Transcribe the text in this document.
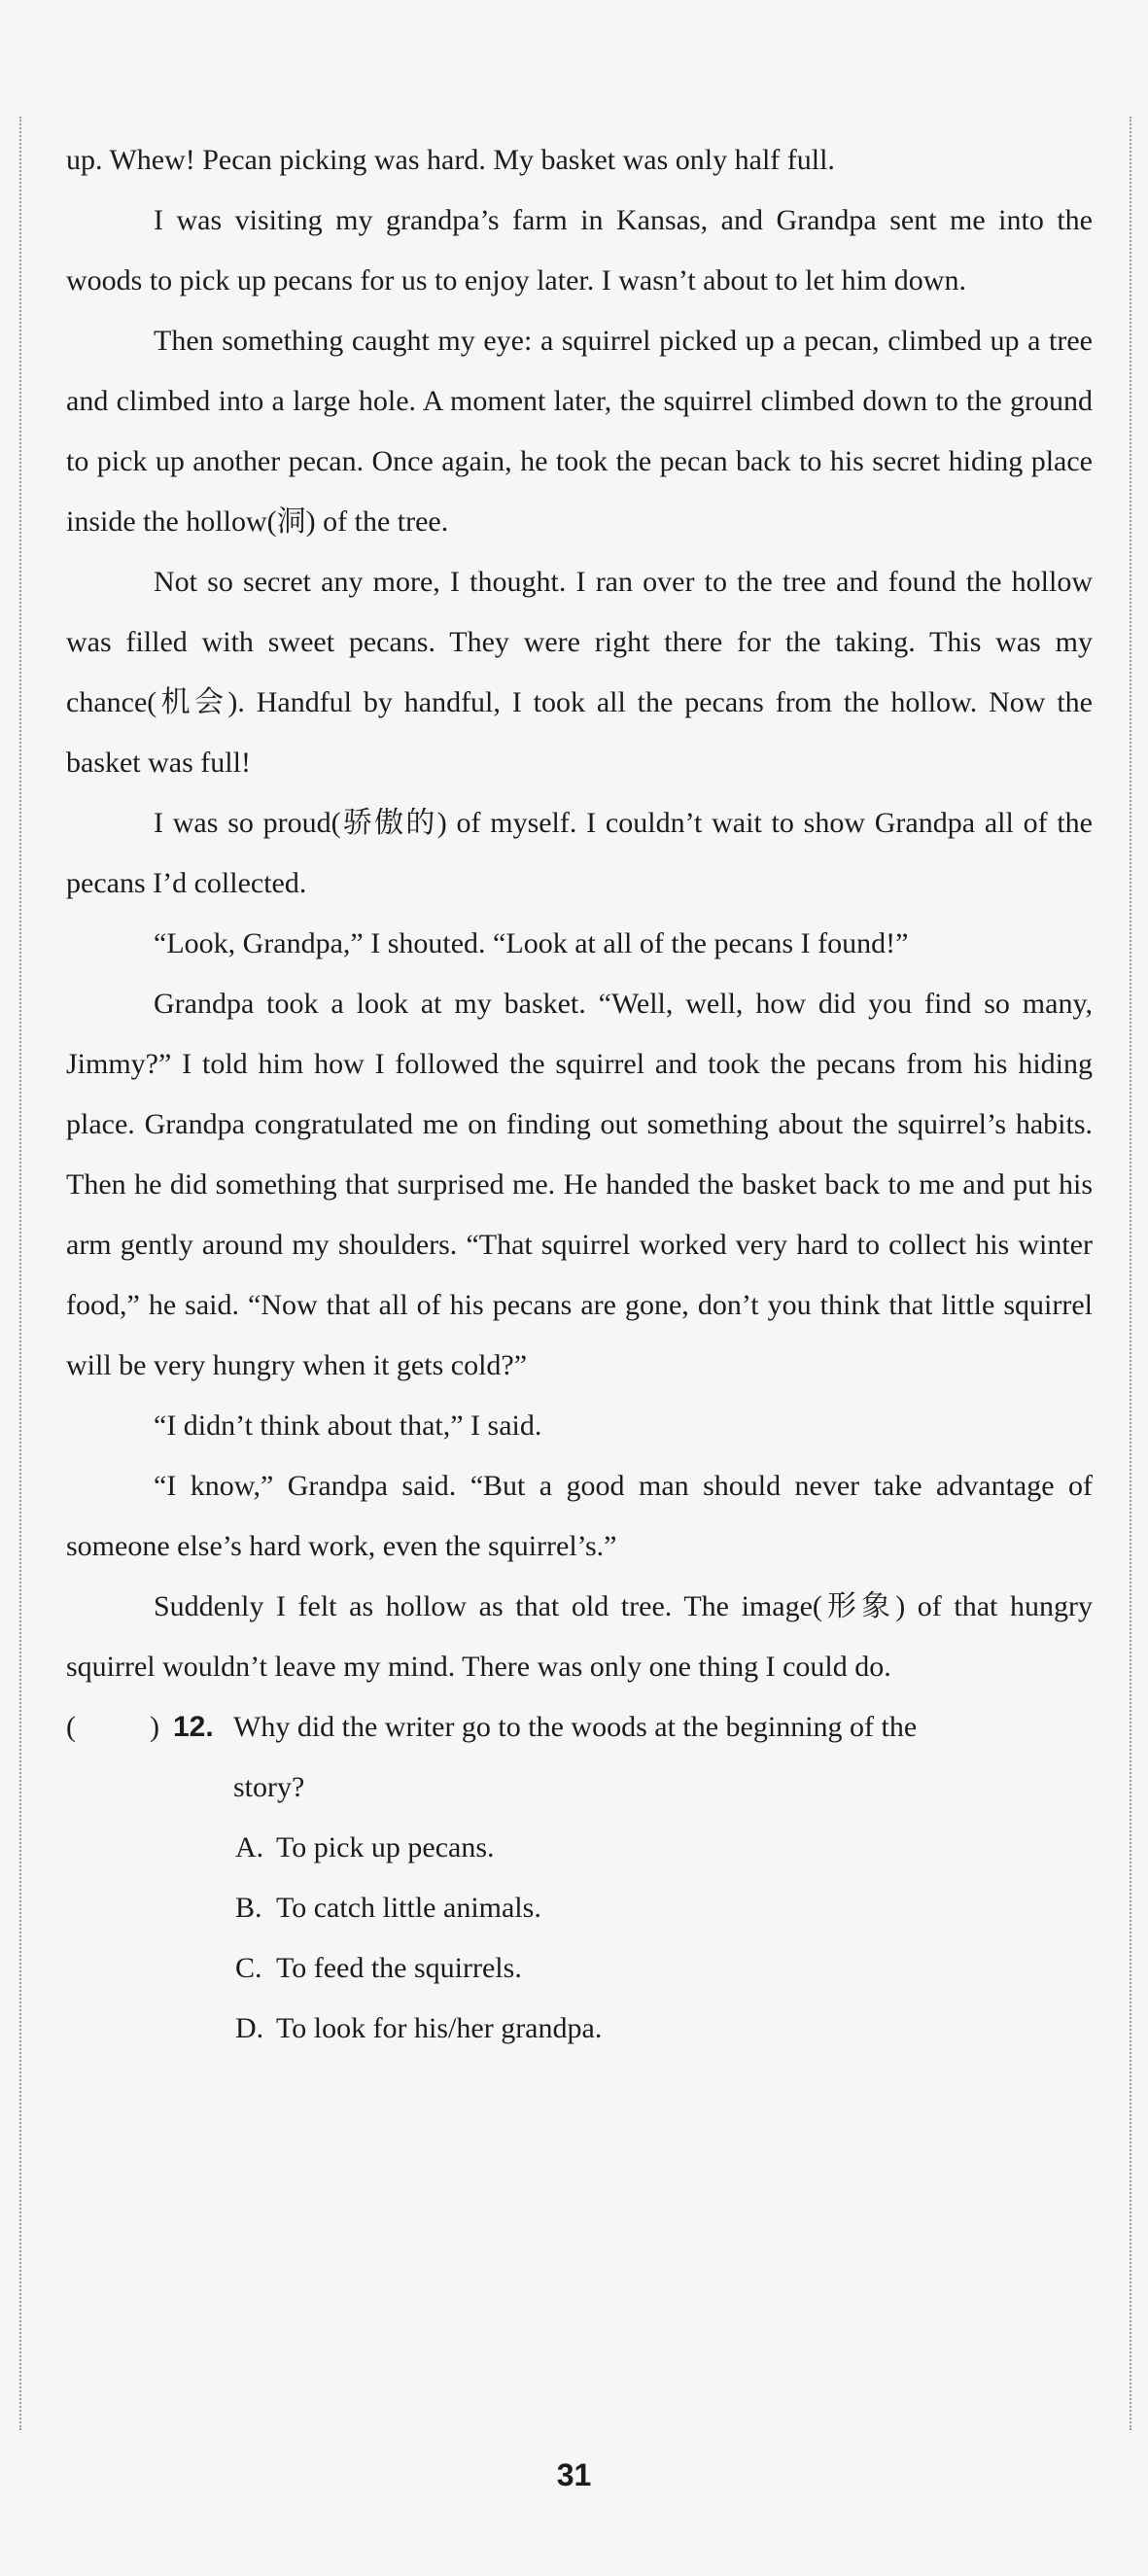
up. Whew! Pecan picking was hard. My basket was only half full.

I was visiting my grandpa’s farm in Kansas, and Grandpa sent me into the woods to pick up pecans for us to enjoy later. I wasn’t about to let him down.

Then something caught my eye: a squirrel picked up a pecan, climbed up a tree and climbed into a large hole. A moment later, the squirrel climbed down to the ground to pick up another pecan. Once again, he took the pecan back to his secret hiding place inside the hollow(洞) of the tree.

Not so secret any more, I thought. I ran over to the tree and found the hollow was filled with sweet pecans. They were right there for the taking. This was my chance(机会). Handful by handful, I took all the pecans from the hollow. Now the basket was full!

I was so proud(骄傲的) of myself. I couldn’t wait to show Grandpa all of the pecans I’d collected.

“Look, Grandpa,” I shouted. “Look at all of the pecans I found!”

Grandpa took a look at my basket. “Well, well, how did you find so many, Jimmy?” I told him how I followed the squirrel and took the pecans from his hiding place. Grandpa congratulated me on finding out something about the squirrel’s habits. Then he did something that surprised me. He handed the basket back to me and put his arm gently around my shoulders. “That squirrel worked very hard to collect his winter food,” he said. “Now that all of his pecans are gone, don’t you think that little squirrel will be very hungry when it gets cold?”

“I didn’t think about that,” I said.

“I know,” Grandpa said. “But a good man should never take advantage of someone else’s hard work, even the squirrel’s.”

Suddenly I felt as hollow as that old tree. The image(形象) of that hungry squirrel wouldn’t leave my mind. There was only one thing I could do.

(	) 12. Why did the writer go to the woods at the beginning of the
story?
A. To pick up pecans.
B. To catch little animals.
C. To feed the squirrels.
D. To look for his/her grandpa.
31
